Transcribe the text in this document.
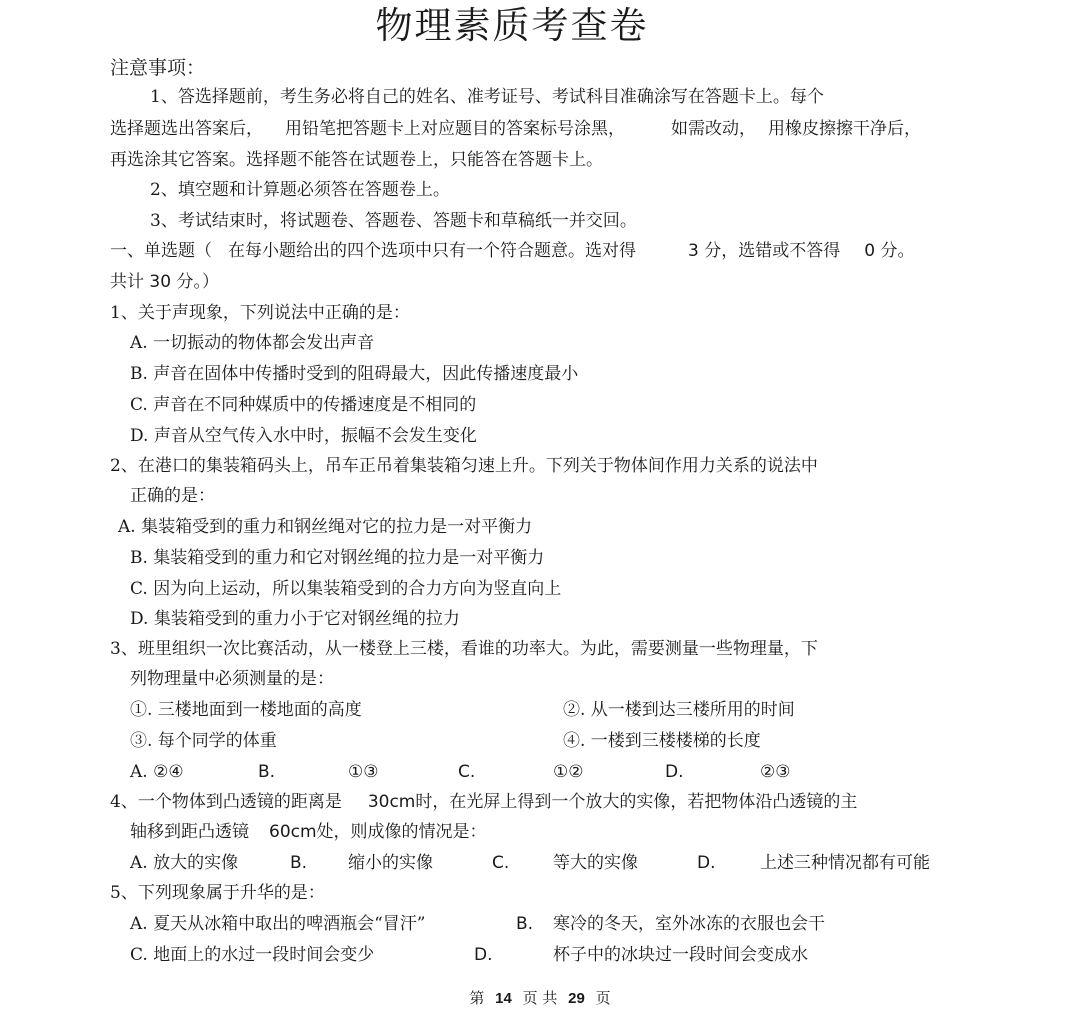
物理素质考查卷
注意事项：
1、答选择题前，考生务必将自己的姓名、准考证号、考试科目准确涂写在答题卡上。每个
选择题选出答案后， 用铅笔把答题卡上对应题目的答案标号涂黑，	如需改动， 用橡皮擦擦干净后，
再选涂其它答案。选择题不能答在试题卷上，只能答在答题卡上。
2、填空题和计算题必须答在答题卷上。
3、考试结束时，将试题卷、答题卷、答题卡和草稿纸一并交回。
一、单选题（ 在每小题给出的四个选项中只有一个符合题意。选对得	3 分，选错或不答得 0 分。
共计 30 分。）
1、关于声现象，下列说法中正确的是：
A. 一切振动的物体都会发出声音
B. 声音在固体中传播时受到的阻碍最大，因此传播速度最小
C. 声音在不同种媒质中的传播速度是不相同的
D. 声音从空气传入水中时，振幅不会发生变化
2、在港口的集装箱码头上，吊车正吊着集装箱匀速上升。下列关于物体间作用力关系的说法中
正确的是：
A. 集装箱受到的重力和钢丝绳对它的拉力是一对平衡力
B. 集装箱受到的重力和它对钢丝绳的拉力是一对平衡力
C. 因为向上运动，所以集装箱受到的合力方向为竖直向上
D. 集装箱受到的重力小于它对钢丝绳的拉力
3、班里组织一次比赛活动，从一楼登上三楼，看谁的功率大。为此，需要测量一些物理量，下
列物理量中必须测量的是：
①. 三楼地面到一楼地面的高度	②. 从一楼到达三楼所用的时间
③. 每个同学的体重	④. 一楼到三楼楼梯的长度
A. ②④	B.	①③	C.	①②	D.	②③
4、一个物体到凸透镜的距离是 30cm时，在光屏上得到一个放大的实像，若把物体沿凸透镜的主
轴移到距凸透镜 60cm处，则成像的情况是：
A. 放大的实像	B. 缩小的实像	C.	等大的实像	D.	上述三种情况都有可能
5、下列现象属于升华的是：
A. 夏天从冰箱中取出的啤酒瓶会“冒汗”	B. 寒冷的冬天，室外冰冻的衣服也会干
C. 地面上的水过一段时间会变少	D.	杯子中的冰块过一段时间会变成水
第 14 页 共 29 页
